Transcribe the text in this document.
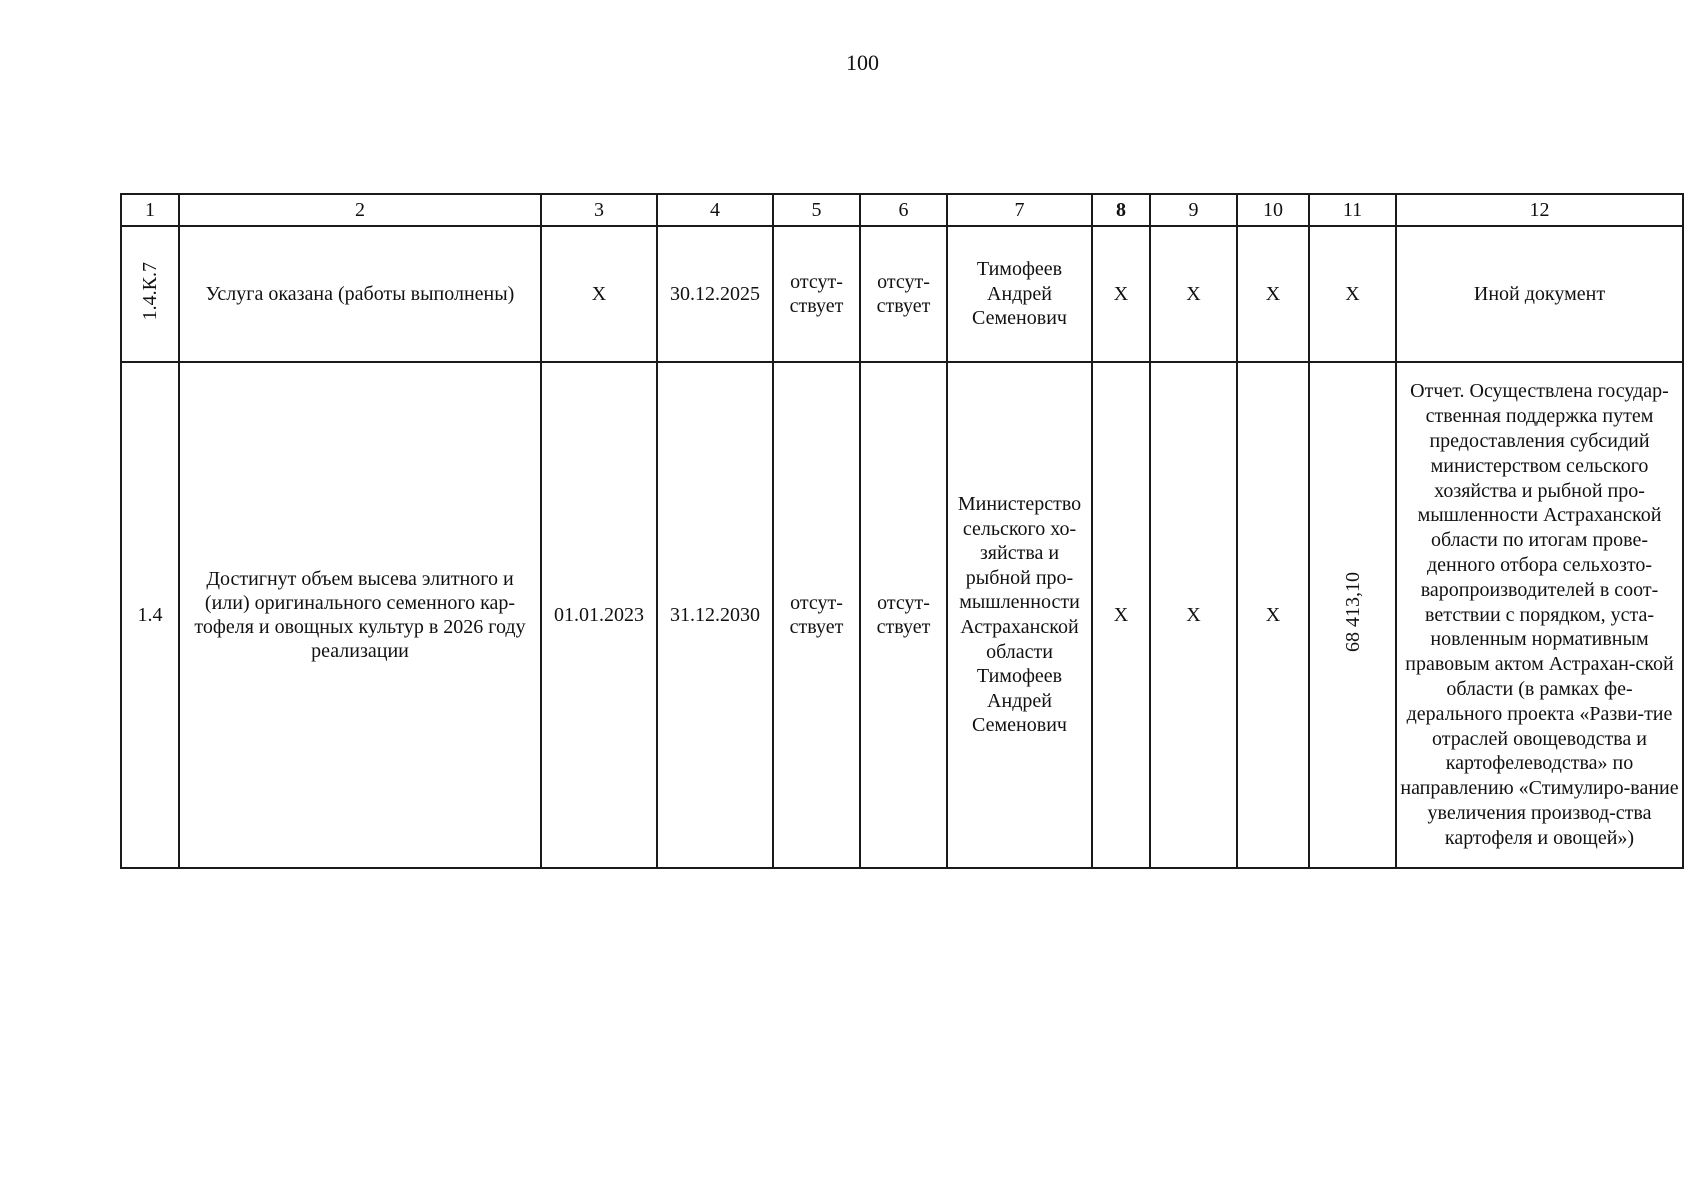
100
1	2	3	4	5	6	7	8	9	10	11	12
1.4.К.7	Услуга оказана (работы выполнены)	Х	30.12.2025	отсут-ствует	отсут-ствует	Тимофеев Андрей Семенович	Х	Х	Х	Х	Иной документ
1.4	Достигнут объем высева элитного и (или) оригинального семенного кар-тофеля и овощных культур в 2026 году реализации	01.01.2023	31.12.2030	отсут-ствует	отсут-ствует	Министерство сельского хо-зяйства и рыбной про-мышленности Астраханской области Тимофеев Андрей Семенович	Х	Х	Х	68 413,10	Отчет. Осуществлена государ-ственная поддержка путем предоставления субсидий министерством сельского хозяйства и рыбной про-мышленности Астраханской области по итогам прове-денного отбора сельхозто-варопроизводителей в соот-ветствии с порядком, уста-новленным нормативным правовым актом Астрахан-ской области (в рамках фе-дерального проекта «Разви-тие отраслей овощеводства и картофелеводства» по направлению «Стимулиро-вание увеличения производ-ства картофеля и овощей»)
